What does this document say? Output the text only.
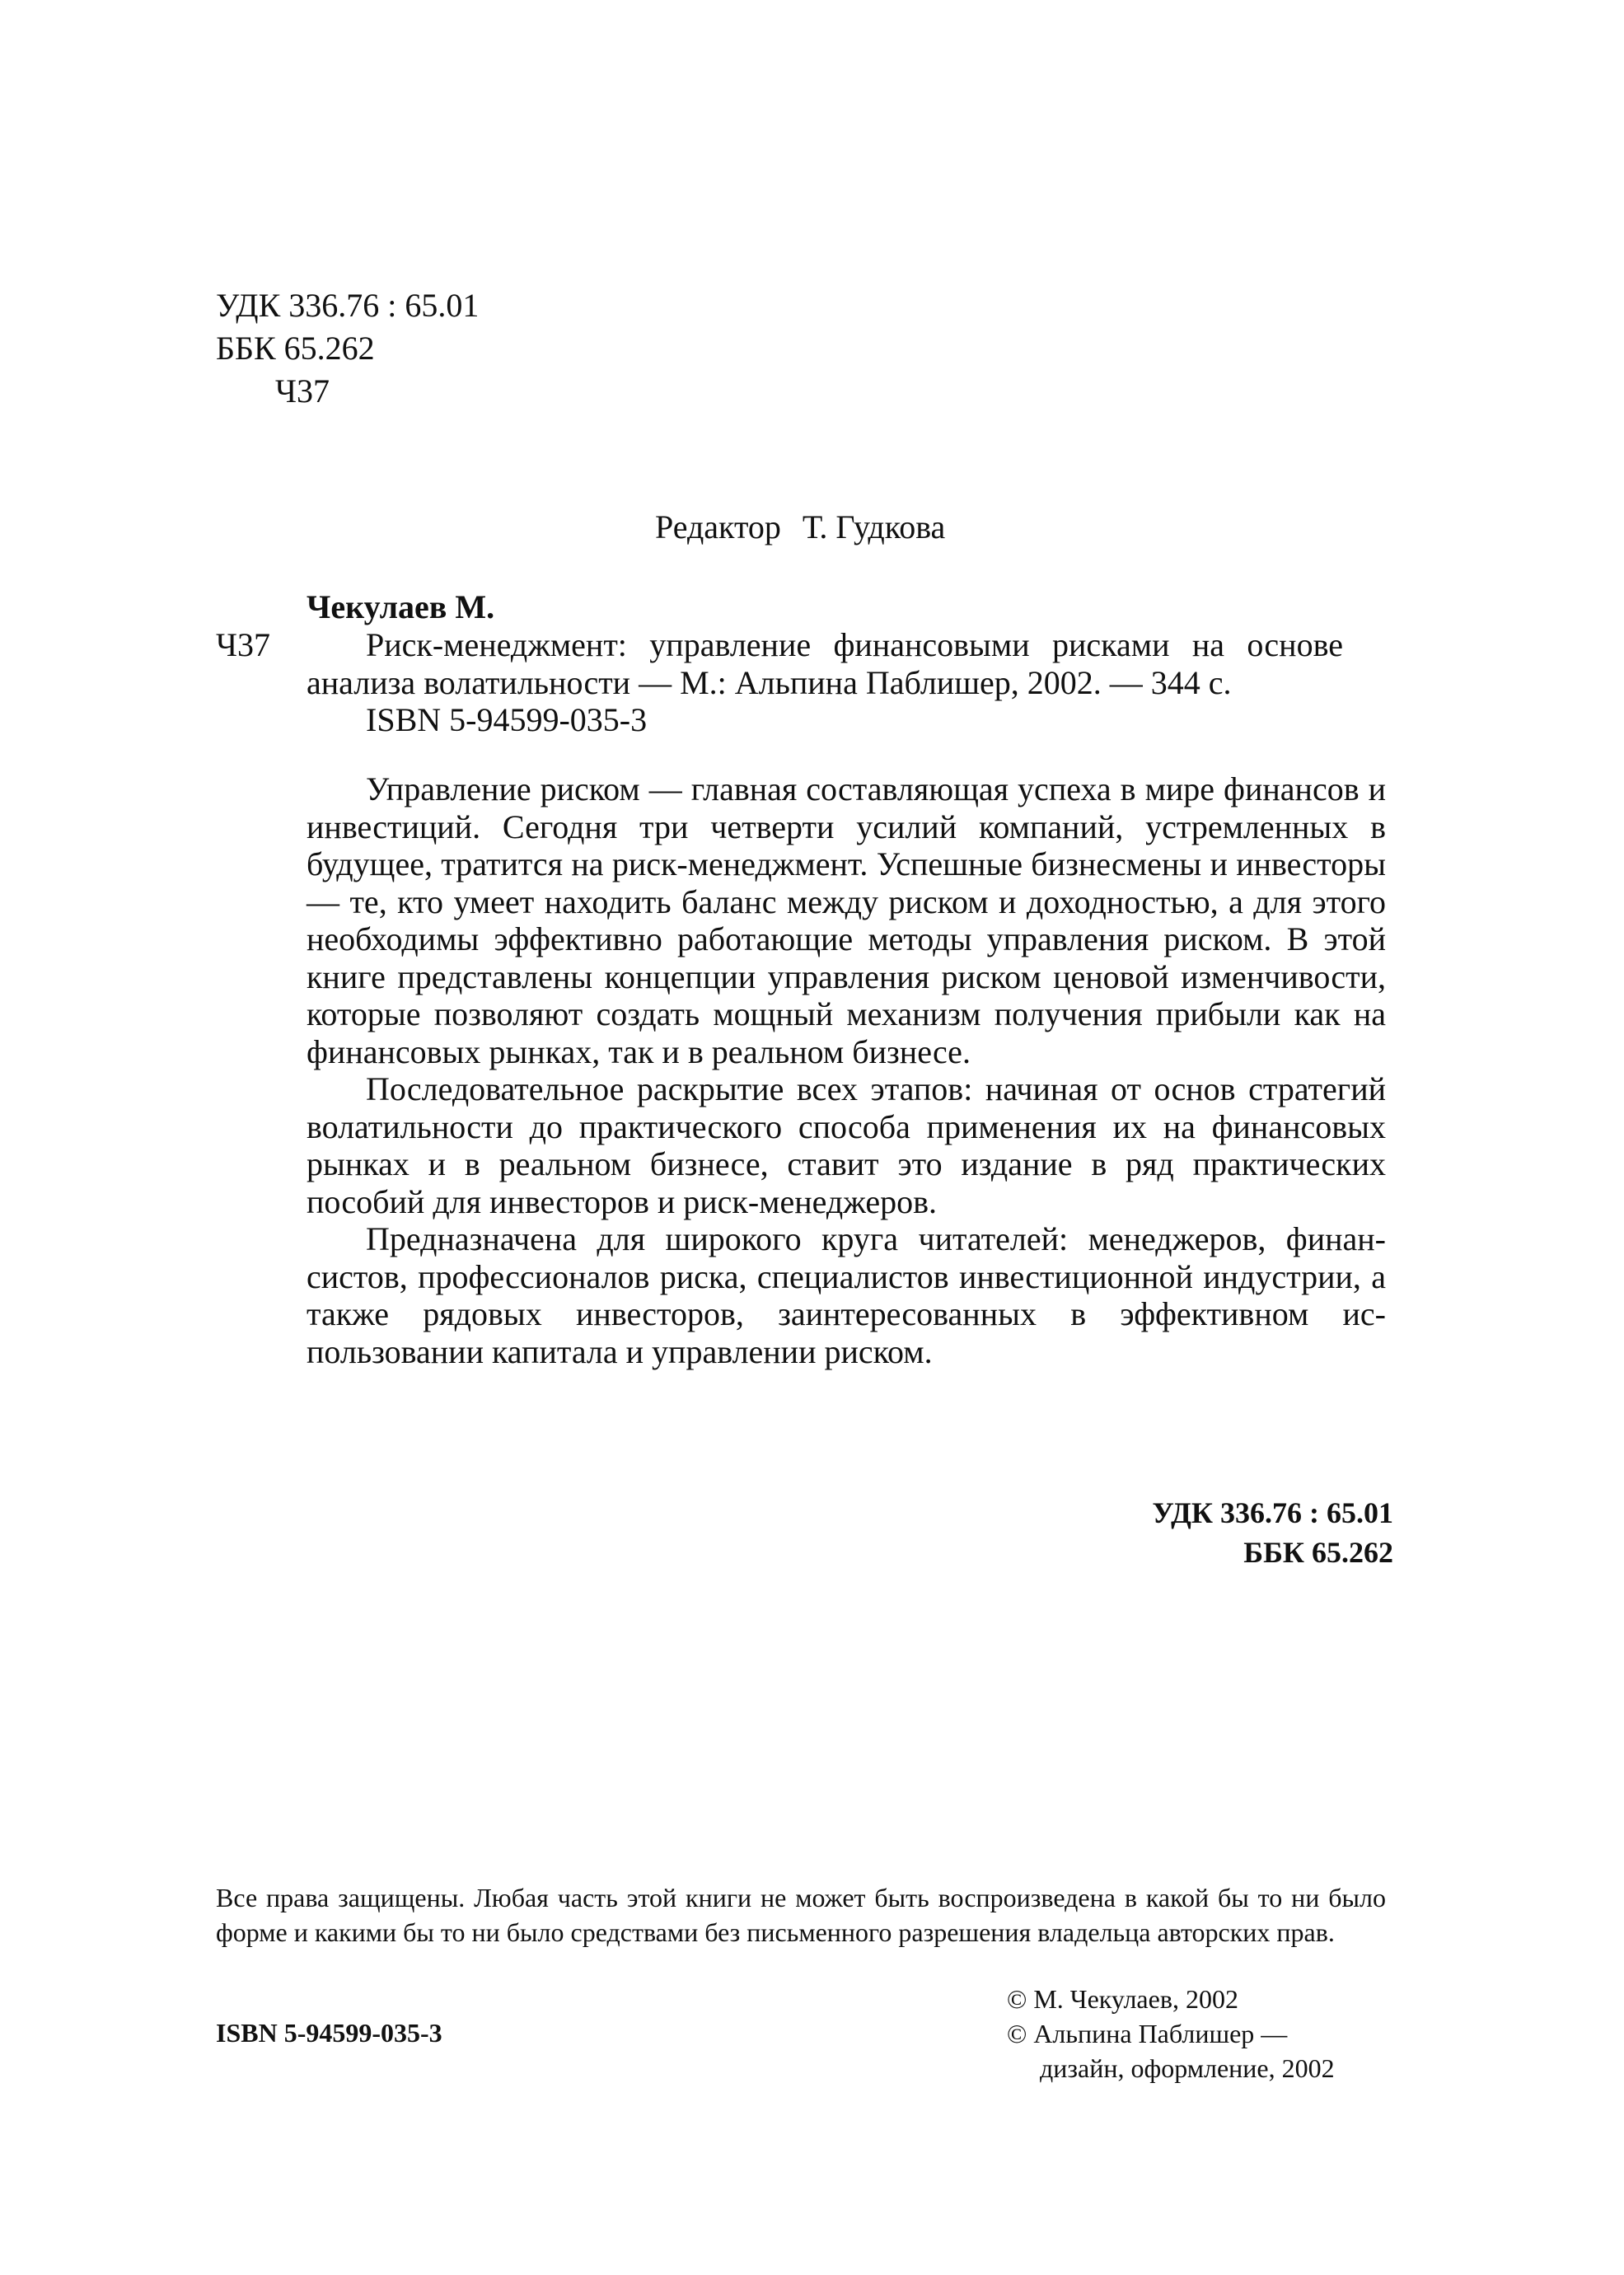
УДК 336.76 : 65.01
ББК 65.262
Ч37
Редактор Т. Гудкова
Чекулаев М.
Ч37	Риск-менеджмент: управление финансовыми рисками на основе анализа волатильности — М.: Альпина Паблишер, 2002. — 344 с.
ISBN 5-94599-035-3

Управление риском — главная составляющая успеха в мире финансов и инвестиций. Сегодня три четверти усилий компаний, устремленных в будущее, тратится на риск-менеджмент. Успешные бизнесмены и инвесторы — те, кто умеет находить баланс между риском и доходностью, а для этого необходимы эффективно работающие методы управления риском. В этой книге представлены концепции управления риском ценовой изменчивости, которые позволяют создать мощный механизм получения прибыли как на финансовых рынках, так и в реальном бизнесе.

Последовательное раскрытие всех этапов: начиная от основ стратегий волатильности до практического способа применения их на финансовых рынках и в реальном бизнесе, ставит это издание в ряд практических пособий для инвесторов и риск-менеджеров.

Предназначена для широкого круга читателей: менеджеров, финансистов, профессионалов риска, специалистов инвестиционной индустрии, а также рядовых инвесторов, заинтересованных в эффективном использовании капитала и управлении риском.

УДК 336.76 : 65.01
ББК 65.262
Все права защищены. Любая часть этой книги не может быть воспроизведена в какой бы то ни было форме и какими бы то ни было средствами без письменного разрешения владельца авторских прав.
© М. Чекулаев, 2002
© Альпина Паблишер —
дизайн, оформление, 2002
ISBN 5-94599-035-3
